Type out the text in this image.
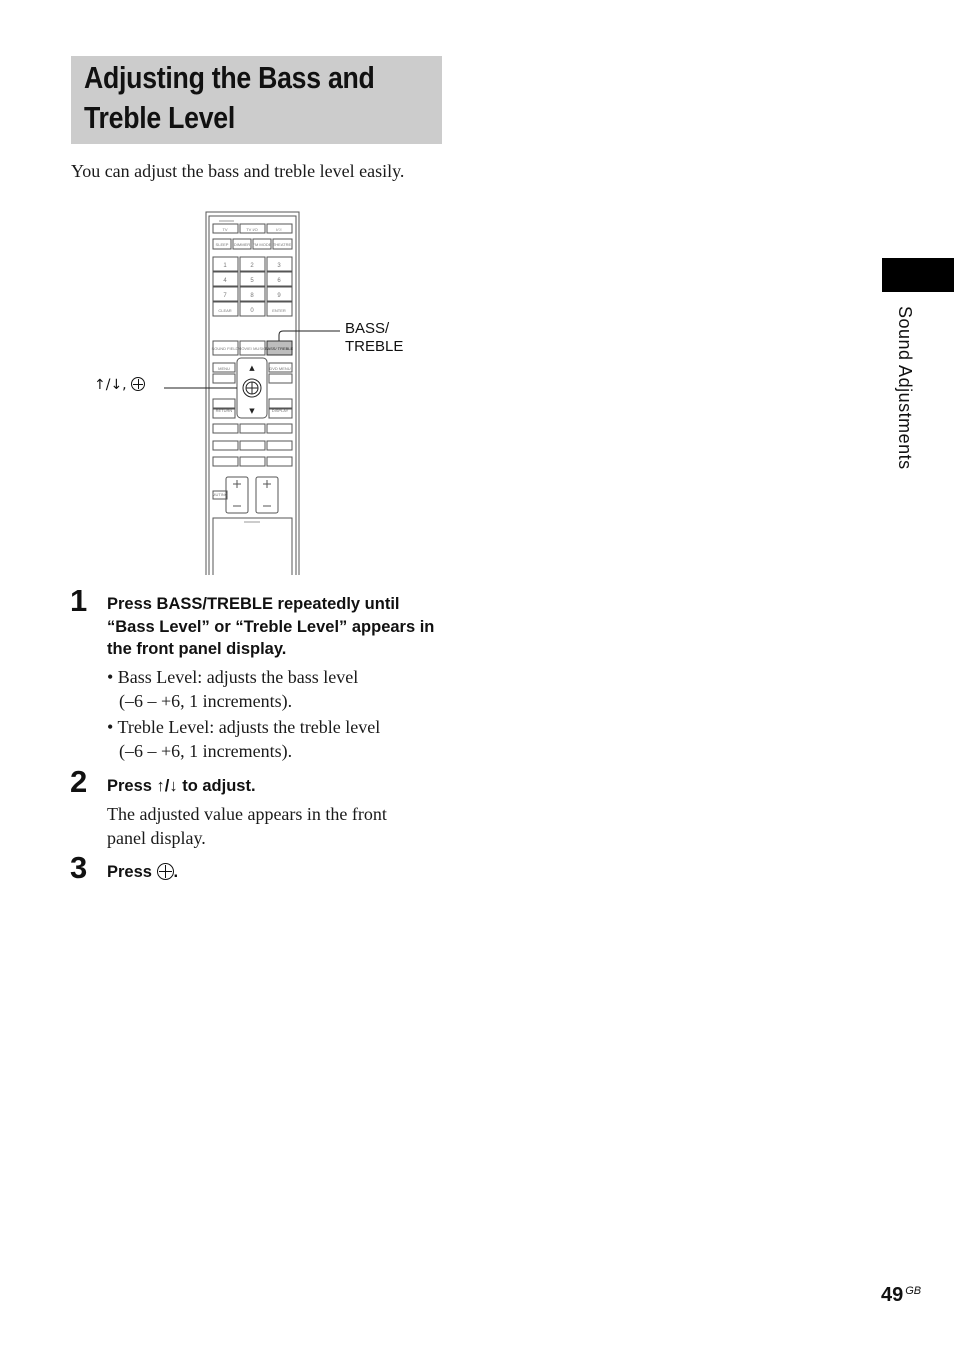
Adjusting the Bass and
Treble Level
You can adjust the bass and treble level easily.
TV	TV I/O	I/☉
SLEEP DIMMER FM MODE THEATRE
1	2	3
4	5	6
7	8	9
CLEAR	0	ENTER
SOUND FIELD MOVIE/ MUSIC
BASS/ TREBLE
MENU	DVD MENU
RETURN	DISPLAY
MUTING
▲
▼
BASS/
TREBLE
↑/↓,
1 Press BASS/TREBLE repeatedly until “Bass Level” or “Treble Level” appears in the front panel display.
• Bass Level: adjusts the bass level
(–6 – +6, 1 increments).
• Treble Level: adjusts the treble level
(–6 – +6, 1 increments).
2 Press ↑/↓ to adjust.
The adjusted value appears in the front
panel display.
3 Press .
Sound Adjustments
49 $^{GB}$
